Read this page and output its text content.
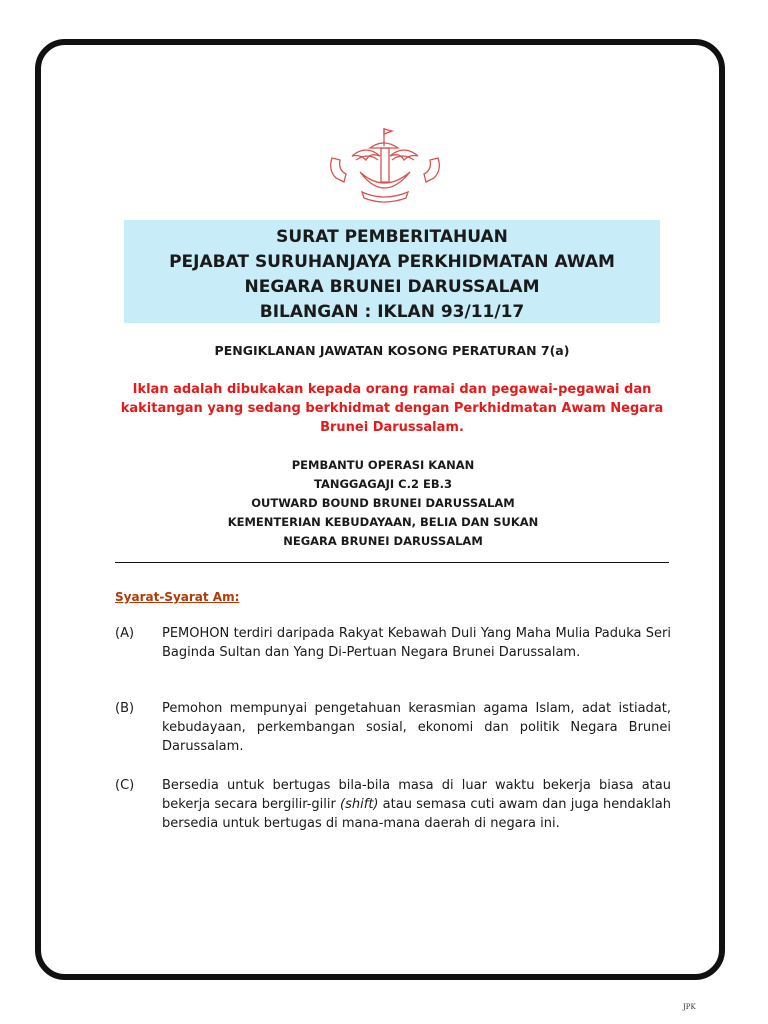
SURAT PEMBERITAHUAN
PEJABAT SURUHANJAYA PERKHIDMATAN AWAM
NEGARA BRUNEI DARUSSALAM
BILANGAN : IKLAN 93/11/17
PENGIKLANAN JAWATAN KOSONG PERATURAN 7(a)
Iklan adalah dibukakan kepada orang ramai dan pegawai-pegawai dan kakitangan yang sedang berkhidmat dengan Perkhidmatan Awam Negara Brunei Darussalam.
PEMBANTU OPERASI KANAN
TANGGAGAJI C.2 EB.3
OUTWARD BOUND BRUNEI DARUSSALAM
KEMENTERIAN KEBUDAYAAN, BELIA DAN SUKAN
NEGARA BRUNEI DARUSSALAM
Syarat-Syarat Am:
(A) PEMOHON terdiri daripada Rakyat Kebawah Duli Yang Maha Mulia Paduka Seri Baginda Sultan dan Yang Di-Pertuan Negara Brunei Darussalam.
(B) Pemohon mempunyai pengetahuan kerasmian agama Islam, adat istiadat, kebudayaan, perkembangan sosial, ekonomi dan politik Negara Brunei Darussalam.
(C) Bersedia untuk bertugas bila-bila masa di luar waktu bekerja biasa atau bekerja secara bergilir-gilir (shift) atau semasa cuti awam dan juga hendaklah bersedia untuk bertugas di mana-mana daerah di negara ini.
JPK
